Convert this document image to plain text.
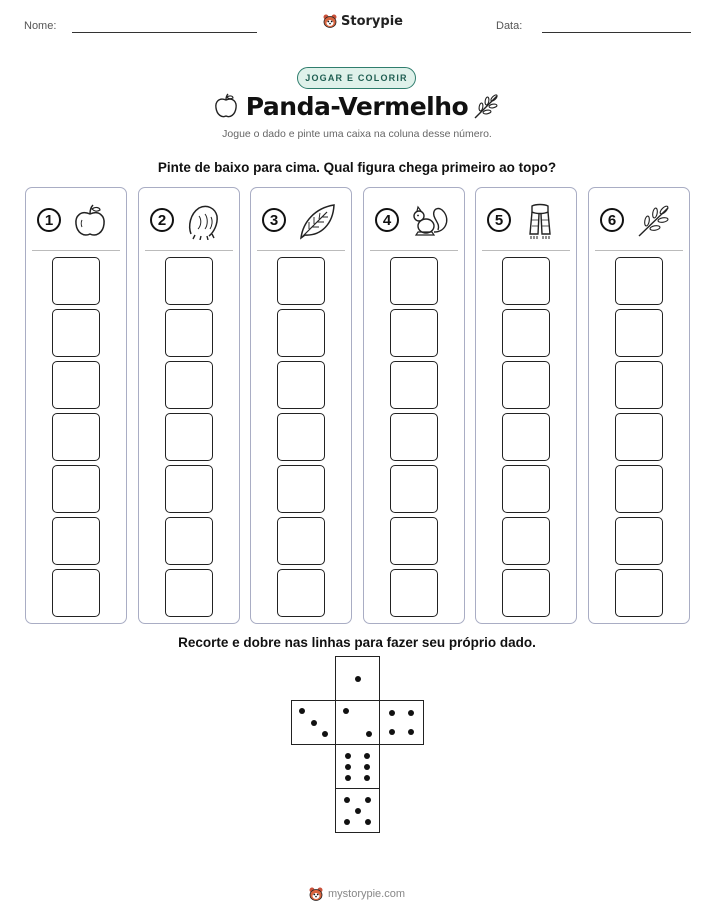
Nome:	Storypie	Data:
JOGAR E COLORIR
Panda-Vermelho
Jogue o dado e pinte uma caixa na coluna desse número.
Pinte de baixo para cima. Qual figura chega primeiro ao topo?
1	2	3	4	5	6
Recorte e dobre nas linhas para fazer seu próprio dado.
mystorypie.com
